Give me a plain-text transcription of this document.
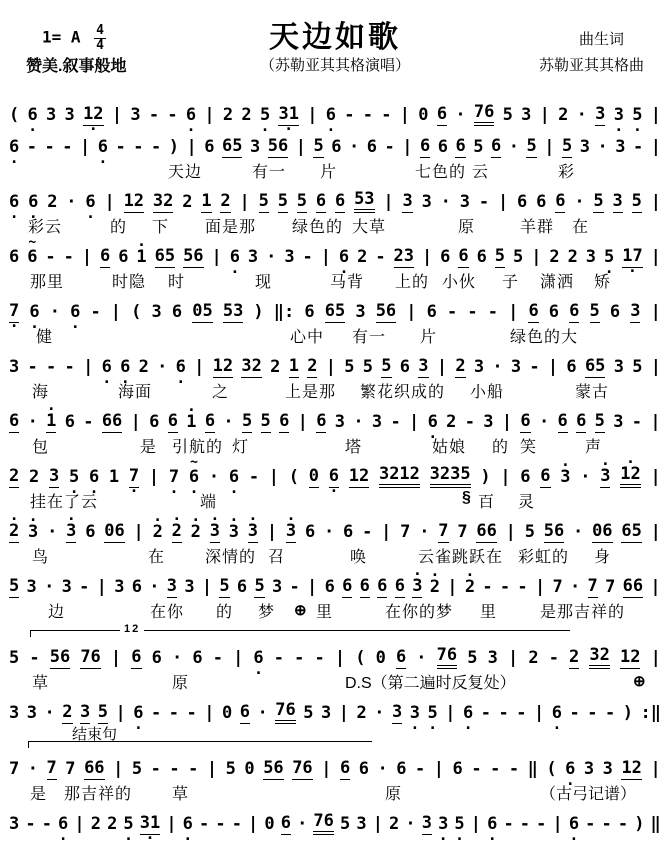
1= A $\frac{4}{4}$
赞美.叙事般地
天边如歌
（苏勒亚其其格演唱）
曲生词
苏勒亚其其格曲
( 6 · 3 3 12 · | 3 - - 6 · | 2 2 5 · 31 · | 6 · - - - | 0 6 · 76 5 3 | 2 · 3 3 · 5 · |
6 · - - - | 6 · - - - ) | 6 65 3 56 | 5 6 · 6 - | 6 6 6 5 6 · 5 | 5 3 · 3 - |
天边	有一 片	七色的 云	彩
6 · 6 · 2 · 6 · | 12 32 2 1 2 | 5 5 5 6 6 53 | 3 3 · 3 - | 6 6 6 · 5 3 5 |
彩云	的 下 面是那 绿色的 大草	原	羊群 在
6 ~ 6 - - | 6 6 · 1 65 56 | 6 · 3 · 3 - | 6 · 2 - 23 | 6 6 6 5 5 | 2 2 3 5 · 17 · |
那里	时隐 时	现	马背 上的 小伙 子 潇洒 矫
7 · 6 · · 6 · - | ( 3 6 05 53 ) ‖: 6 65 3 56 | 6 - - - | 6 6 6 5 6 3 |
健	心中 有一 片	绿色的大
3 - - - | 6 · 6 · 2 · 6 · | 12 32 2 1 2 | 5 5 5 6 3 | 2 3 · 3 - | 6 65 3 5 |
海	海面	之	上是那 繁花织成的 小船	蒙古
6 · · 1 6 - 66 | 6 6 · 1 6 · 5 5 6 | 6 3 · 3 - | 6 · 2 - 3 | 6 · 6 6 5 3 - |
包	是 引航的 灯	塔	姑娘 的 笑	声
2 2 3 5 · 6 · 1 7 · | 7 · ~ 6 · · 6 · - | ( 0 6 · 12 3212 3235 ) | 6 6 · 3 · · 3 · 12 |
挂在了云	端	§ 百 灵
· 2 · 3 · · 3 6 06 | · 2 · 2 · 2 · 3 · 3 · 3 | · 3 6 · 6 - | 7 · 7 7 66 | 5 56 · 06 65 |
鸟	在 深情的 召	唤	云雀跳跃在 彩虹的 身
5 3 · 3 - | 3 6 · 3 3 | 5 6 5 3 - | 6 6 6 6 6 · 3 · 2 | · 2 - - - | 7 · 7 7 66 |
边	在你 的 梦 ⊕ 里	在你的梦 里	是那吉祥的
12
5 - 56 76 | 6 6 · 6 - | 6 · - - - | ( 0 6 · 76 5 3 | 2 - 2 32 12 |
草	原	D.S（第二遍时反复处）	⊕
3 3 · 2 3 5 | 6 · - - - | 0 6 · 76 5 3 | 2 · 3 3 · 5 · | 6 · - - - | 6 · - - - ) :‖
结束句
7 · 7 7 66 | 5 - - - | 5 0 56 76 | 6 6 · 6 - | 6 - - - ‖ ( 6 · 3 3 12 |
是 那吉祥的 草	原	（古弓记谱）
3 - - 6 · | 2 2 5 · 31 · | 6 · - - - | 0 6 · 76 5 3 | 2 · 3 3 · 5 · | 6 · - - - | 6 · - - - ) ‖
